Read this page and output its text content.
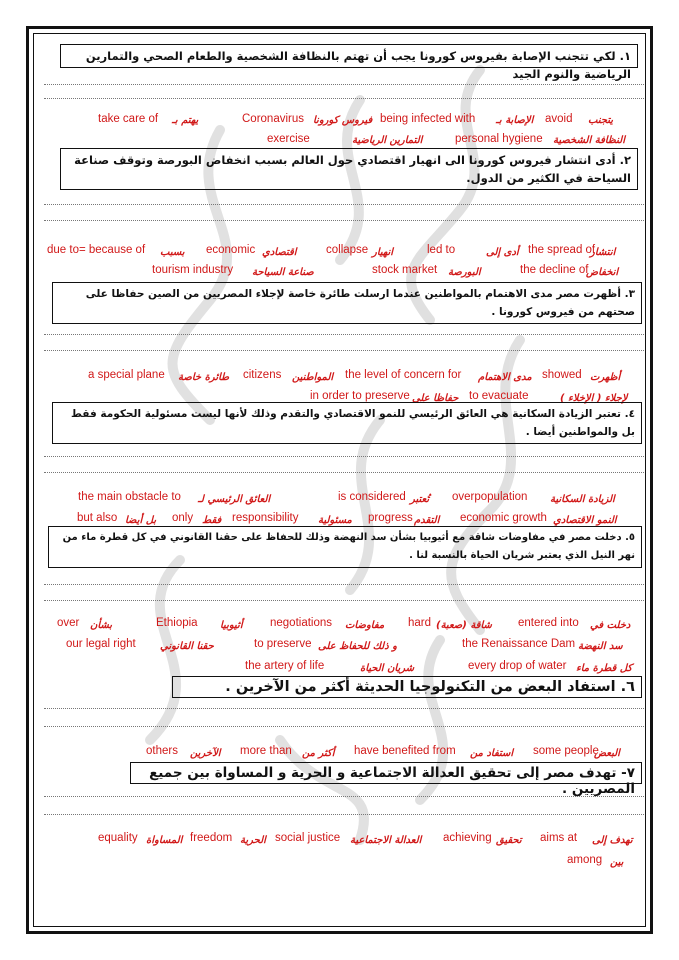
١. لكي تتجنب الإصابة بفيروس كورونا يجب أن تهتم بالنظافة الشخصية والطعام الصحي والتمارين الرياضية والنوم الجيد
يتجنب
avoid
الإصابة بـ
being infected with
فيروس كورونا
Coronavirus
يهتم بـ
take care of
النظافة الشخصية
personal hygiene
التمارين الرياضية
exercise
٢. أدى انتشار فيروس كورونا الى انهيار اقتصادي حول العالم بسبب انخفاض البورصة وتوقف صناعة السياحة في الكثير من الدول.
انتشار
the spread of
أدى إلى
led to
انهيار
collapse
اقتصادي
economic
بسبب
due to= because of
انخفاض
the decline of
البورصة
stock market
صناعة السياحة
tourism industry
٣. أظهرت مصر مدى الاهتمام بالمواطنين عندما ارسلت طائرة خاصة لإجلاء المصريين من الصين حفاظا على صحتهم من فيروس كورونا .
أظهرت
showed
مدى الاهتمام
the level of concern for
المواطنين
citizens
طائرة خاصة
a special plane
لإجلاء ( الإخلاء )
to evacuate
حفاظا على
in order to preserve
٤. تعتبر الزيادة السكانية هي العائق الرئيسي للنمو الاقتصادي والتقدم وذلك لأنها ليست مسئولية الحكومة فقط بل والمواطنين أيضا .
الزيادة السكانية
overpopulation
تُعتبر
is considered
العائق الرئيسي لـ
the main obstacle to
النمو الاقتصادي
economic growth
التقدم
progress
مسئولية
responsibility
فقط
only
بل أيضا
but also
٥. دخلت مصر في مفاوضات شاقة مع أثيوبيا بشأن سد النهضة وذلك للحفاظ على حقنا القانوني في كل قطرة ماء من نهر النيل الذي يعتبر شريان الحياة بالنسبة لنا .
دخلت في
entered into
شاقة (صعبة)
hard
مفاوضات
negotiations
أثيوبيا
Ethiopia
بشأن
over
سد النهضة
the Renaissance Dam
و ذلك للحفاظ على
to preserve
حقنا القانوني
our legal right
كل قطرة ماء
every drop of water
شريان الحياة
the artery of life
٦. استفاد البعض من التكنولوجيا الحديثة أكثر من الآخرين .
البعض
some people
استفاد من
have benefited from
أكثر من
more than
الآخرين
others
٧- تهدف مصر إلى تحقيق العدالة الاجتماعية و الحرية و المساواة بين جميع المصريين .
تهدف إلى
aims at
تحقيق
achieving
العدالة الاجتماعية
social justice
الحرية
freedom
المساواة
equality
بين
among
